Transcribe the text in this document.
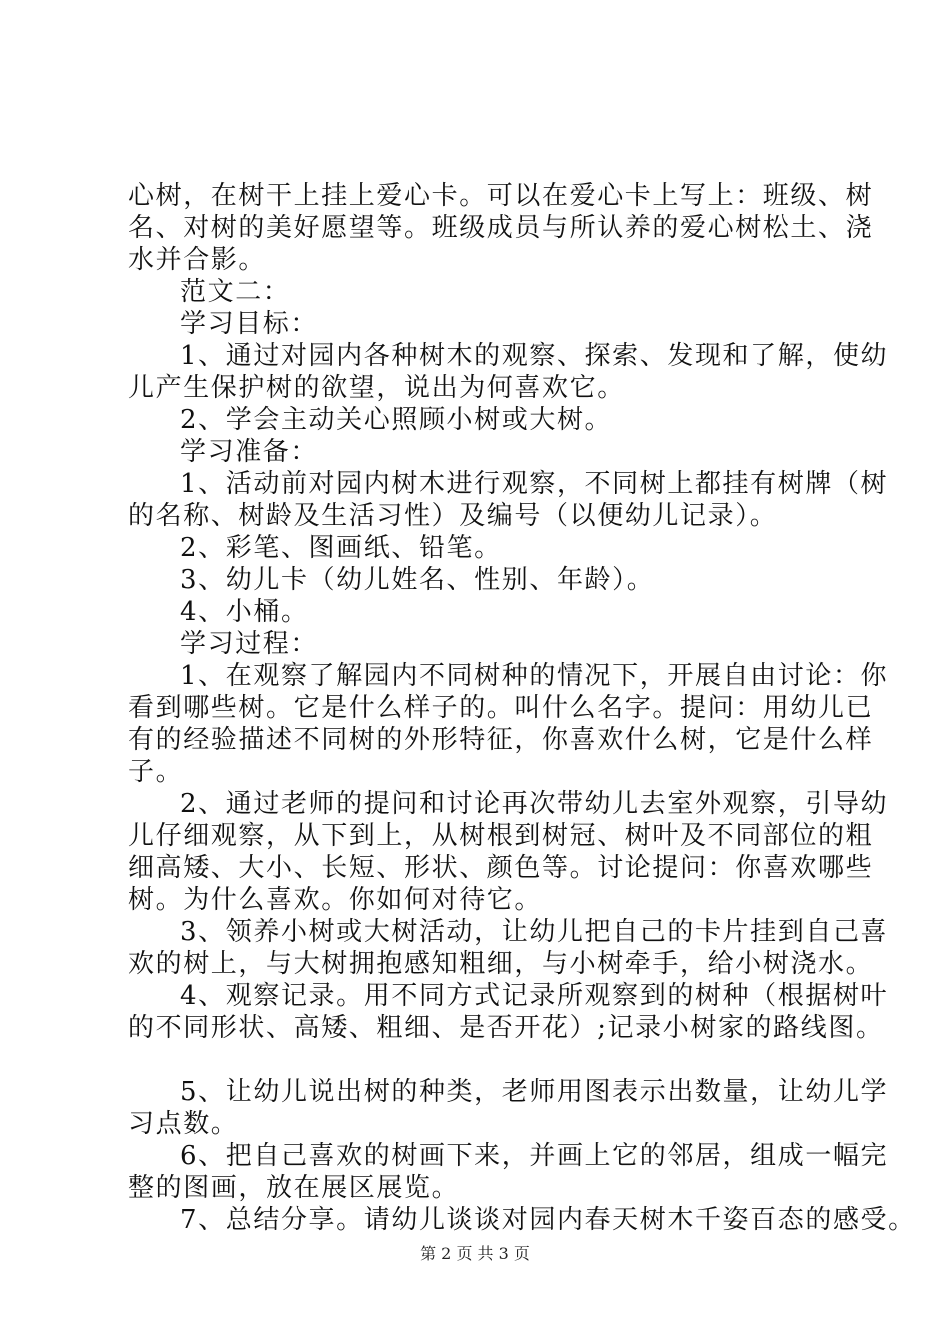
心树，在树干上挂上爱心卡。可以在爱心卡上写上：班级、树
名、对树的美好愿望等。班级成员与所认养的爱心树松土、浇
水并合影。
范文二：
学习目标：
1、通过对园内各种树木的观察、探索、发现和了解，使幼
儿产生保护树的欲望，说出为何喜欢它。
2、学会主动关心照顾小树或大树。
学习准备：
1、活动前对园内树木进行观察，不同树上都挂有树牌（树
的名称、树龄及生活习性）及编号（以便幼儿记录）。
2、彩笔、图画纸、铅笔。
3、幼儿卡（幼儿姓名、性别、年龄）。
4、小桶。
学习过程：
1、在观察了解园内不同树种的情况下，开展自由讨论：你
看到哪些树。它是什么样子的。叫什么名字。提问：用幼儿已
有的经验描述不同树的外形特征，你喜欢什么树，它是什么样
子。
2、通过老师的提问和讨论再次带幼儿去室外观察，引导幼
儿仔细观察，从下到上，从树根到树冠、树叶及不同部位的粗
细高矮、大小、长短、形状、颜色等。讨论提问：你喜欢哪些
树。为什么喜欢。你如何对待它。
3、领养小树或大树活动，让幼儿把自己的卡片挂到自己喜
欢的树上，与大树拥抱感知粗细，与小树牵手，给小树浇水。
4、观察记录。用不同方式记录所观察到的树种（根据树叶
的不同形状、高矮、粗细、是否开花）;记录小树家的路线图。
5、让幼儿说出树的种类，老师用图表示出数量，让幼儿学
习点数。
6、把自己喜欢的树画下来，并画上它的邻居，组成一幅完
整的图画，放在展区展览。
7、总结分享。请幼儿谈谈对园内春天树木千姿百态的感受。
第 2 页 共 3 页
